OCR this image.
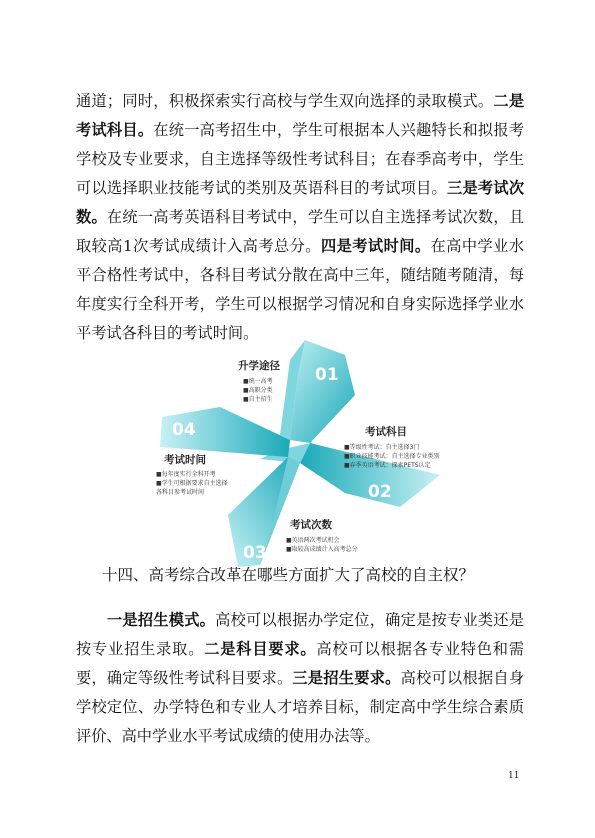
通道；同时，积极探索实行高校与学生双向选择的录取模式。二是考试科目。在统一高考招生中，学生可根据本人兴趣特长和拟报考学校及专业要求，自主选择等级性考试科目；在春季高考中，学生可以选择职业技能考试的类别及英语科目的考试项目。三是考试次数。在统一高考英语科目考试中，学生可以自主选择考试次数，且取较高1次考试成绩计入高考总分。四是考试时间。在高中学业水平合格性考试中，各科目考试分散在高中三年，随结随考随清，每年度实行全科开考，学生可以根据学习情况和自身实际选择学业水平考试各科目的考试时间。

01
02
03
04
升学途径
■统一高考
■高职分类
■自主招生
考试科目
■等级性考试：自主选择3门
■职业技能考试：自主选择专业类别
■春季英语考试：探索PETS认定
考试次数
■英语两次考试机会
■取较高成绩计入高考总分
考试时间
■每年度实行全科开考
■学生可根据要求自主选择
各科目参考试时间

十四、高考综合改革在哪些方面扩大了高校的自主权？

　　一是招生模式。高校可以根据办学定位，确定是按专业类还是按专业招生录取。二是科目要求。高校可以根据各专业特色和需要，确定等级性考试科目要求。三是招生要求。高校可以根据自身学校定位、办学特色和专业人才培养目标，制定高中学生综合素质评价、高中学业水平考试成绩的使用办法等。

11
